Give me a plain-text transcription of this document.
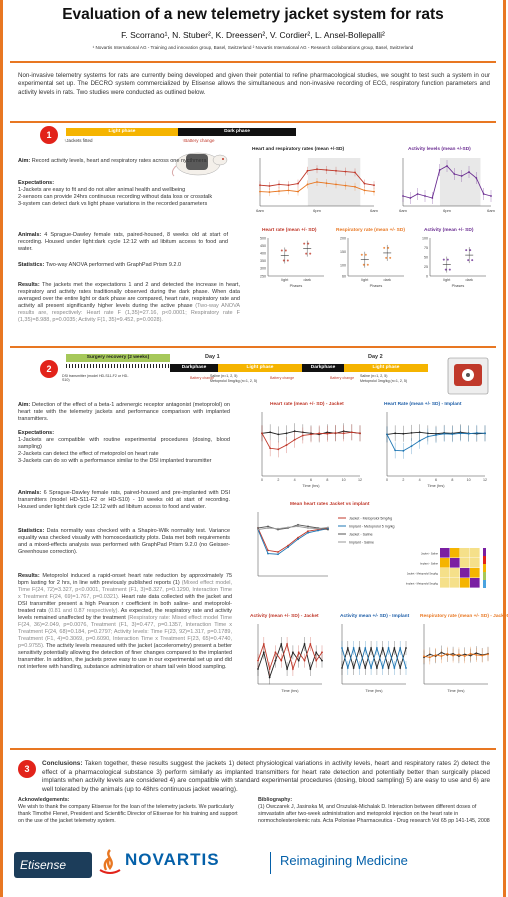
Evaluation of a new telemetry jacket system for rats
F. Scorrano¹, N. Stuber², K. Dreessen², V. Cordier², L. Ansel-Bollepalli²
¹ Novartis International AG - Training and innovation group, Basel, Switzerland ² Novartis International AG - Research collaborations group, Basel, Switzerland
Non-invasive telemetry systems for rats are currently being developed and given their potential to refine pharmacological studies, we sought to test such a system in our experimental set up. The DECRO system commercialized by Etisense allows the simultaneous and non-invasive recording of ECG, respiratory function parameters and activity levels in rats. Two studies were conducted as outlined below.
1	Light phase	Dark phase
↑Jackets fitted	↑Battery change
Aim: Record activity levels, heart and respiratory rates across one nycthmera
Expectations:
1-Jackets are easy to fit and do not alter animal health and wellbeing
2-sensors can provide 24hrs continuous recording without data loss or crosstalk
3-system can detect dark vs light phase variations in the recorded parameters
Animals: 4 Sprague-Dawley female rats, paired-housed, 8 weeks old at start of recording. Housed under light:dark cycle 12:12 with ad libitum access to food and water.
Statistics: Two-way ANOVA performed with GraphPad Prism 9.2.0
Results: The jackets met the expectations 1 and 2 and detected the increase in heart, respiratory and activity rates traditionally observed during the dark phase. When data averaged over the entire light or dark phase are compared, heart rate, respiratory rate and activity all present significantly higher levels during the active phase (Two-way ANOVA results are, respectively: Heart rate F (1,35)=27.16, p<0.0001; Respiratory rate F (1,35)=8.988, p=0.0035; Activity F(1, 35)=9.452, p=0.0028).
Heart and respiratory rates (mean +/-SD)
6am	6pm	6am
Activity levels (mean +/-SD)
6am	6pm	6am
Heart rate (mean +/- SD)
250
300
350
400
450
500
light	dark
Phases
Respiratory rate (mean +/- SD)
60
100
150
200
light	dark
Phases
Activity (mean +/- SD)
0
25
50
75
100
light	dark
Phases
2
Surgery recovery (2 weeks)	Day 1	Day 2
Darkphase	Light phase	Darkphase	Light phase
DSI transmitter (model HD-S11-F2 or HD-S10)
Saline (n=1, 2, 5)
Metoprolol 5mg/kg (n=1, 2, 5)
Battery change	Battery change	Saline (n=1, 2, 5)
Metoprolol 3mg/kg (n=1, 2, 5)
Battery change
Aim: Detection of the effect of a beta-1 adrenergic receptor antagonist (metoprolol) on heart rate with the telemetry jackets and performance comparison with implanted transmitters.
Expectations:
1-Jackets are compatible with routine experimental procedures (dosing, blood sampling)
2-Jackets can detect the effect of metoprolol on heart rate
3-Jackets can do so with a performance similar to the DSI implanted transmitter
Animals: 6 Sprague-Dawley female rats, paired-housed and pre-implanted with DSI transmitters (model HD-S11-F2 or HD-S10) - 10 weeks old at start of recording. Housed under light:dark cycle 12:12 with ad libitum access to food and water.
Statistics: Data normality was checked with a Shapiro-Wilk normality test. Variance equality was checked visually with homoscedasticity plots. Data met both requirements and a mixed-effects analysis was performed with GraphPad Prism 9.2.0 (no Geisser-Greenhouse correction).
Results: Metoprolol induced a rapid-onset heart rate reduction by approximately 75 bpm lasting for 2 hrs, in line with previously published reports (1) (Mixed effect model, Time F(24, 72)=3.327, p<0.0001, Treatment (F1, 3)=8.327, p=0.1290, Interaction Time x Treatment F(24, 69)=1.767, p=0.0321). Heart rate data collected with the jacket and DSI transmitter present a high Pearson r coefficient in both saline- and metoprolol-treated rats (0.81 and 0.87 respectively). As expected, the respiratory rate and activity levels remained unaffected by the treatment (Respiratory rate: Mixed effect model Time F(24, 36)=2.049, p=0.0076, Treatment (F1, 3)=0.477, p=0.1357, Interaction Time x Treatment F(24, 68)=0.184, p=0.2797; Activity levels: Time F(23, 92)=1.317, p=0.1789, Treatment (F1, 4)=0.3069, p=0.6090, Interaction Time x Treatment F(23, 65)=0.4740, p=0.9755). The activity levels measured with the jacket (accelerometry) present a better sensitivity potentially allowing the detection of finer changes compared to the implanted transmitter. In addition, the jackets prove easy to use in our experimental set up and did not interfere with handling, substance administration or sham tail vein blood sampling.
Heart rate (mean +/- SD) - Jacket
0	2	4	6	8	10	12
Time (hrs)
Heart Rate (mean +/- SD) - Implant
0	2	4	6	8	10	12
Time (hrs)
Mean heart rates Jacket vs implant
Jacket - Metoprolol 5mg/kg
Implant - Metoprolol 5 mg/kg
Jacket - Saline
Implant - Saline
Jacket - Saline
Implant - Saline
Jacket - Metoprolol 5mg/kg
Implant - Metoprolol 5mg/kg
Activity (mean +/- SD) - Jacket
Time (hrs)
Activity mean +/- SD) - Implant
Time (hrs)
Respiratory rate (mean +/- SD) - Jacket
Time (hrs)
3
Conclusions: Taken together, these results suggest the jackets 1) detect physiological variations in activity levels, heart and respiratory rates 2) detect the effect of a pharmacological substance 3) perform similarly as implanted transmitters for heart rate detection and potentially better than surgically placed implants when activity levels are considered 4) are compatible with standard experimental procedures (dosing, blood sampling) 5) are easy to use and 6) are well tolerated by the animals (up to 48hrs continuous jacket wearing).
Acknowledgements:
We wish to thank the company Etisense for the loan of the telemetry jackets. We particularly thank Timothé Flenet, President and Scientific Director of Etisense for his training and support on the use of the jacket telemetry system.
Bibliography:
(1) Owczarek J, Jasinska M, and Orszulak-Michalak D. Interaction between different doses of simvastatin after two-week administration and metoprolol injection on the heart rate in normocholesterolemic rats. Acta Poloniae Pharmaceutica - Drug research Vol 65 pp 141-145, 2008
Etisense	NOVARTIS	Reimagining Medicine
